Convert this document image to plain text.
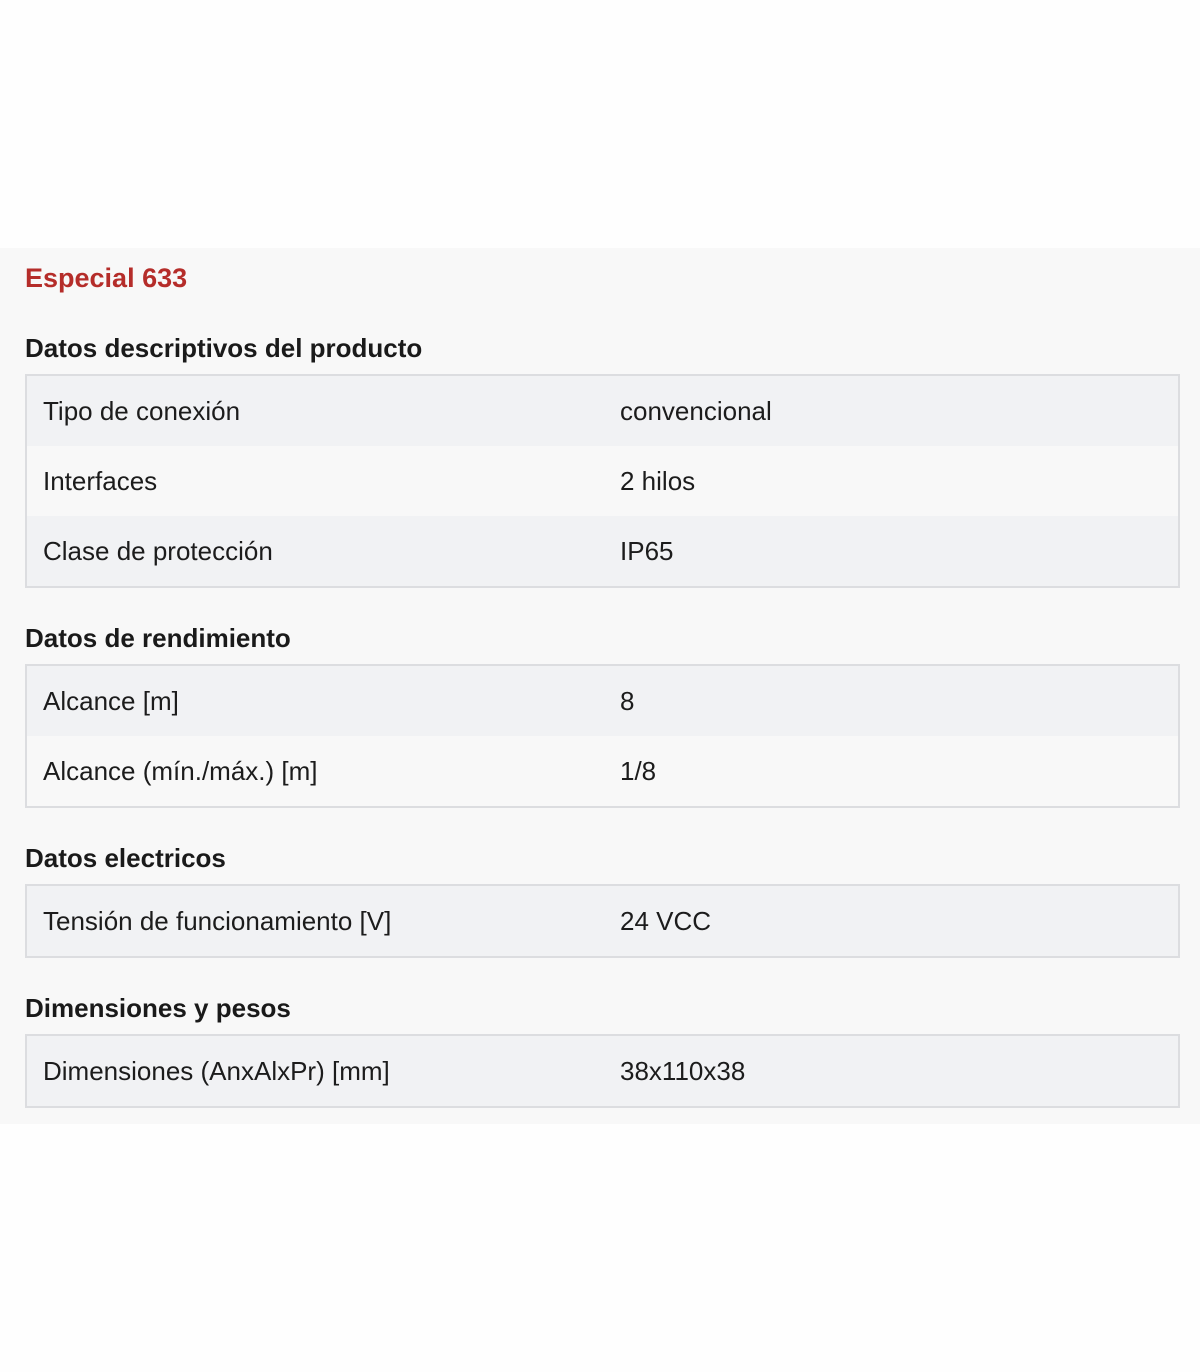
Especial 633
Datos descriptivos del producto
Tipo de conexión	convencional
Interfaces	2 hilos
Clase de protección	IP65
Datos de rendimiento
Alcance [m]	8
Alcance (mín./máx.) [m]	1/8
Datos electricos
Tensión de funcionamiento [V]	24 VCC
Dimensiones y pesos
Dimensiones (AnxAlxPr) [mm]	38x110x38
